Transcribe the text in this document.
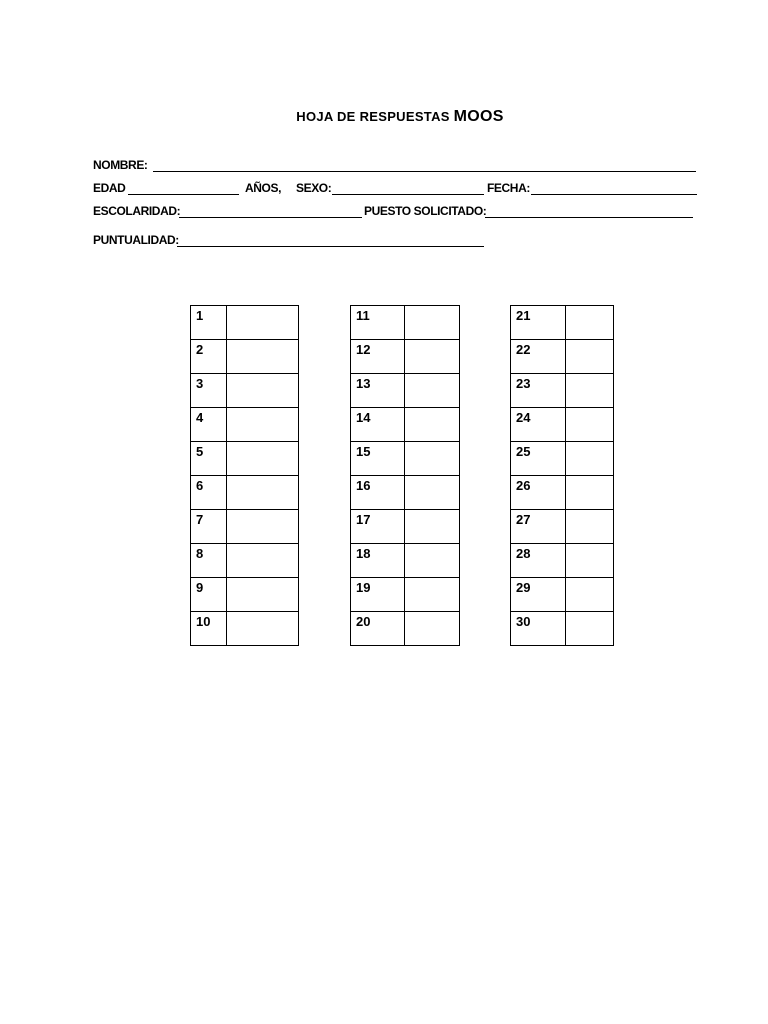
HOJA DE RESPUESTAS MOOS
NOMBRE:
EDAD	AÑOS, SEXO:	FECHA:
ESCOLARIDAD:	PUESTO SOLICITADO:
PUNTUALIDAD:
1	
2	
3	
4	
5	
6	
7	
8	
9	
10	
11	
12	
13	
14	
15	
16	
17	
18	
19	
20	
21	
22	
23	
24	
25	
26	
27	
28	
29	
30	
